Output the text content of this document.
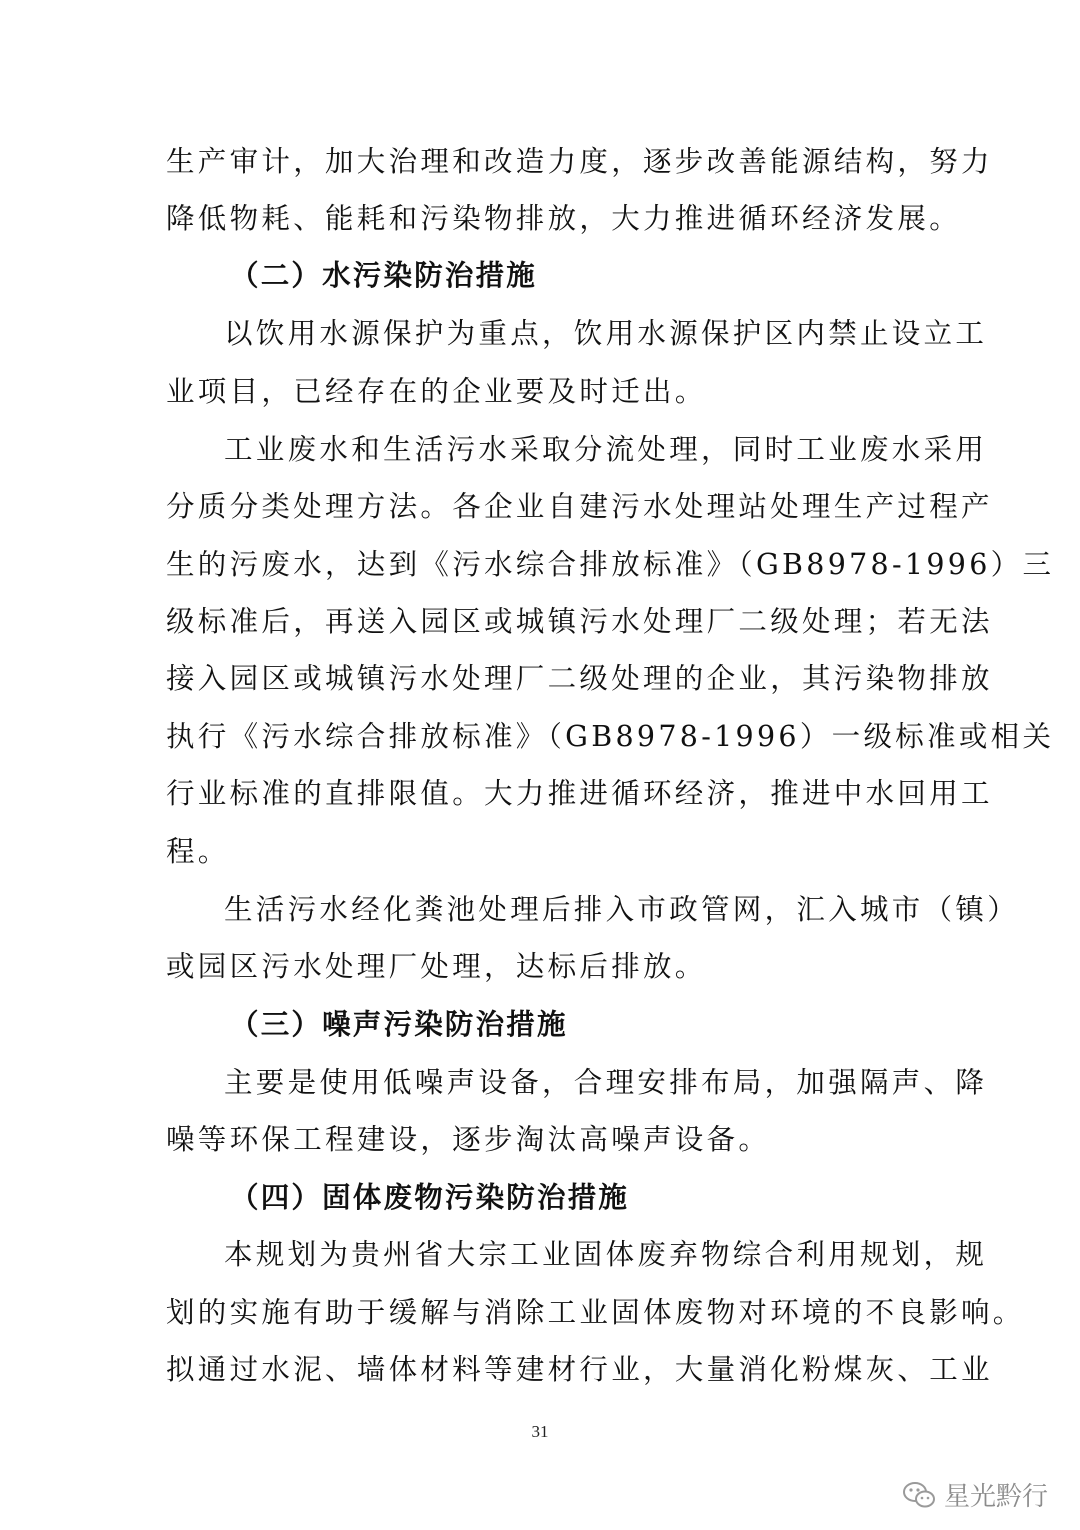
生产审计，加大治理和改造力度，逐步改善能源结构，努力
降低物耗、能耗和污染物排放，大力推进循环经济发展。
（二）水污染防治措施
以饮用水源保护为重点，饮用水源保护区内禁止设立工
业项目，已经存在的企业要及时迁出。
工业废水和生活污水采取分流处理，同时工业废水采用
分质分类处理方法。各企业自建污水处理站处理生产过程产
生的污废水，达到《污水综合排放标准》（GB8978-1996）三
级标准后，再送入园区或城镇污水处理厂二级处理；若无法
接入园区或城镇污水处理厂二级处理的企业，其污染物排放
执行《污水综合排放标准》（GB8978-1996）一级标准或相关
行业标准的直排限值。大力推进循环经济，推进中水回用工
程。
生活污水经化粪池处理后排入市政管网，汇入城市（镇）
或园区污水处理厂处理，达标后排放。
（三）噪声污染防治措施
主要是使用低噪声设备，合理安排布局，加强隔声、降
噪等环保工程建设，逐步淘汰高噪声设备。
（四）固体废物污染防治措施
本规划为贵州省大宗工业固体废弃物综合利用规划，规
划的实施有助于缓解与消除工业固体废物对环境的不良影响。
拟通过水泥、墙体材料等建材行业，大量消化粉煤灰、工业
31
星光黔行
